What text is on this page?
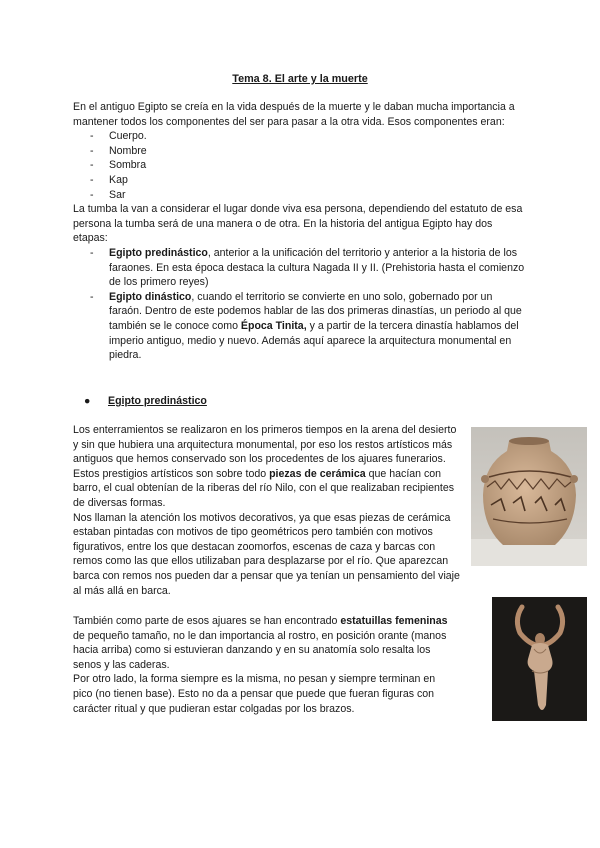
Tema 8. El arte y la muerte

En el antiguo Egipto se creía en la vida después de la muerte y le daban mucha importancia a mantener todos los componentes del ser para pasar a la otra vida. Esos componentes eran:

- Cuerpo.
- Nombre
- Sombra
- Kap
- Sar

La tumba la van a considerar el lugar donde viva esa persona, dependiendo del estatuto de esa persona la tumba será de una manera o de otra. En la historia del antigua Egipto hay dos etapas:

- Egipto predinástico, anterior a la unificación del territorio y anterior a la historia de los faraones. En esta época destaca la cultura Nagada II y II. (Prehistoria hasta el comienzo de los primero reyes)
- Egipto dinástico, cuando el territorio se convierte en uno solo, gobernado por un faraón. Dentro de este podemos hablar de las dos primeras dinastías, un periodo al que también se le conoce como Época Tinita, y a partir de la tercera dinastía hablamos del imperio antiguo, medio y nuevo. Además aquí aparece la arquitectura monumental en piedra.
● Egipto predinástico

Los enterramientos se realizaron en los primeros tiempos en la arena del desierto y sin que hubiera una arquitectura monumental, por eso los restos artísticos más antiguos que hemos conservado son los procedentes de los ajuares funerarios. Estos prestigios artísticos son sobre todo piezas de cerámica que hacían con barro, el cual obtenían de la riberas del río Nilo, con el que realizaban recipientes de diversas formas.

Nos llaman la atención los motivos decorativos, ya que esas piezas de cerámica estaban pintadas con motivos de tipo geométricos pero también con motivos figurativos, entre los que destacan zoomorfos, escenas de caza y barcas con remos como las que ellos utilizaban para desplazarse por el río. Que aparezcan barca con remos nos pueden dar a pensar que ya tenían un pensamiento del viaje al más allá en barca.

También como parte de esos ajuares se han encontrado estatuillas femeninas de pequeño tamaño, no le dan importancia al rostro, en posición orante (manos hacia arriba) como si estuvieran danzando y en su anatomía solo resalta los senos y las caderas.

Por otro lado, la forma siempre es la misma, no pesan y siempre terminan en pico (no tienen base). Esto no da a pensar que puede que fueran figuras con carácter ritual y que pudieran estar colgadas por los brazos.
